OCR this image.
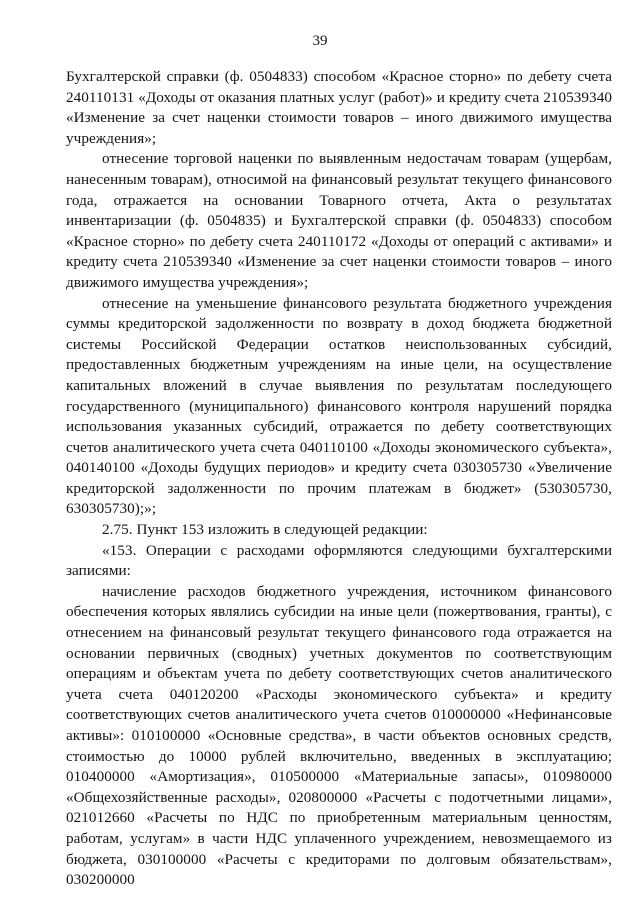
39

Бухгалтерской справки (ф. 0504833) способом «Красное сторно» по дебету счета 240110131 «Доходы от оказания платных услуг (работ)» и кредиту счета 210539340 «Изменение за счет наценки стоимости товаров – иного движимого имущества учреждения»;

отнесение торговой наценки по выявленным недостачам товарам (ущербам, нанесенным товарам), относимой на финансовый результат текущего финансового года, отражается на основании Товарного отчета, Акта о результатах инвентаризации (ф. 0504835) и Бухгалтерской справки (ф. 0504833) способом «Красное сторно» по дебету счета 240110172 «Доходы от операций с активами» и кредиту счета 210539340 «Изменение за счет наценки стоимости товаров – иного движимого имущества учреждения»;

отнесение на уменьшение финансового результата бюджетного учреждения суммы кредиторской задолженности по возврату в доход бюджета бюджетной системы Российской Федерации остатков неиспользованных субсидий, предоставленных бюджетным учреждениям на иные цели, на осуществление капитальных вложений в случае выявления по результатам последующего государственного (муниципального) финансового контроля нарушений порядка использования указанных субсидий, отражается по дебету соответствующих счетов аналитического учета счета 040110100 «Доходы экономического субъекта», 040140100 «Доходы будущих периодов» и кредиту счета 030305730 «Увеличение кредиторской задолженности по прочим платежам в бюджет» (530305730, 630305730);»;

2.75. Пункт 153 изложить в следующей редакции:

«153. Операции с расходами оформляются следующими бухгалтерскими записями:

начисление расходов бюджетного учреждения, источником финансового обеспечения которых являлись субсидии на иные цели (пожертвования, гранты), с отнесением на финансовый результат текущего финансового года отражается на основании первичных (сводных) учетных документов по соответствующим операциям и объектам учета по дебету соответствующих счетов аналитического учета счета 040120200 «Расходы экономического субъекта» и кредиту соответствующих счетов аналитического учета счетов 010000000 «Нефинансовые активы»: 010100000 «Основные средства», в части объектов основных средств, стоимостью до 10000 рублей включительно, введенных в эксплуатацию; 010400000 «Амортизация», 010500000 «Материальные запасы», 010980000 «Общехозяйственные расходы», 020800000 «Расчеты с подотчетными лицами», 021012660 «Расчеты по НДС по приобретенным материальным ценностям, работам, услугам» в части НДС уплаченного учреждением, невозмещаемого из бюджета, 030100000 «Расчеты с кредиторами по долговым обязательствам», 030200000
